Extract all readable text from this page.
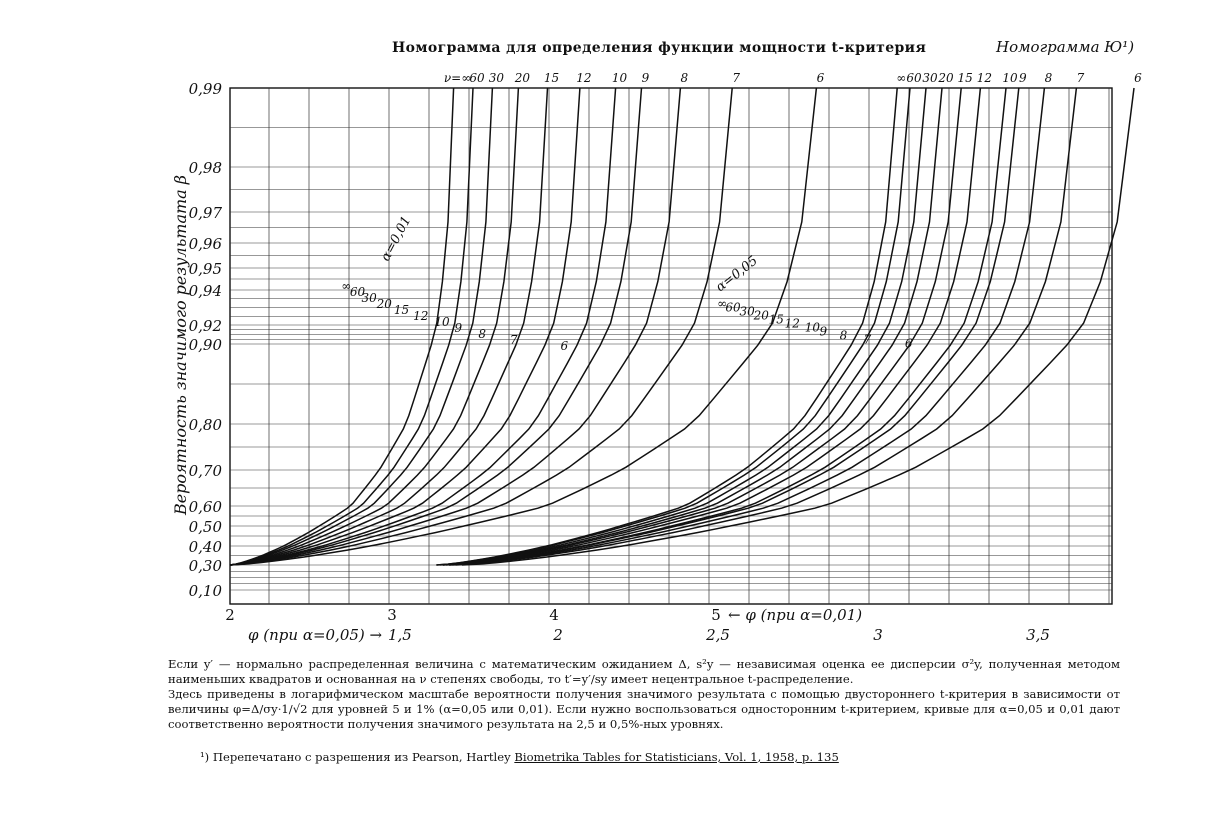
Номограмма для определения функции мощности t-критерия	Номограмма Ю¹)
0,99
0,98
0,97
0,96
0,95
0,94
0,92
0,90
0,80
0,70
0,60
0,50
0,40
0,30
0,10
2	3	4	5
2	2,5	3	3,5
← φ (при α=0,01)
φ (при α=0,05) → 1,5
Вероятность значимого результата β
ν=∞
60 30 20 15 12 10 9	8	7	6	∞ 60 30 20 15 12 10 9 8 7	6
α=0,01
α=0,05
∞
60
30 20 15 12 10 9 8 7	6
∞
60
30
20 15 12 10 9 8 7	6

Если y′ — нормально распределенная величина с математическим ожиданием Δ, s²y — независимая оценка ее дисперсии σ²y, полученная методом наименьших квадратов и основанная на ν степенях свободы, то t′=y′/sy имеет нецентральное t-распределение.

Здесь приведены в логарифмическом масштабе вероятности получения значимого результата с помощью двустороннего t-критерия в зависимости от величины φ=Δ/σy·1/√2 для уровней 5 и 1% (α=0,05 или 0,01). Если нужно воспользоваться односторонним t-критерием, кривые для α=0,05 и 0,01 дают соответственно вероятности получения значимого результата на 2,5 и 0,5%-ных уровнях.

¹) Перепечатано с разрешения из Pearson, Hartley Biometrika Tables for Statisticians, Vol. 1, 1958, p. 135
